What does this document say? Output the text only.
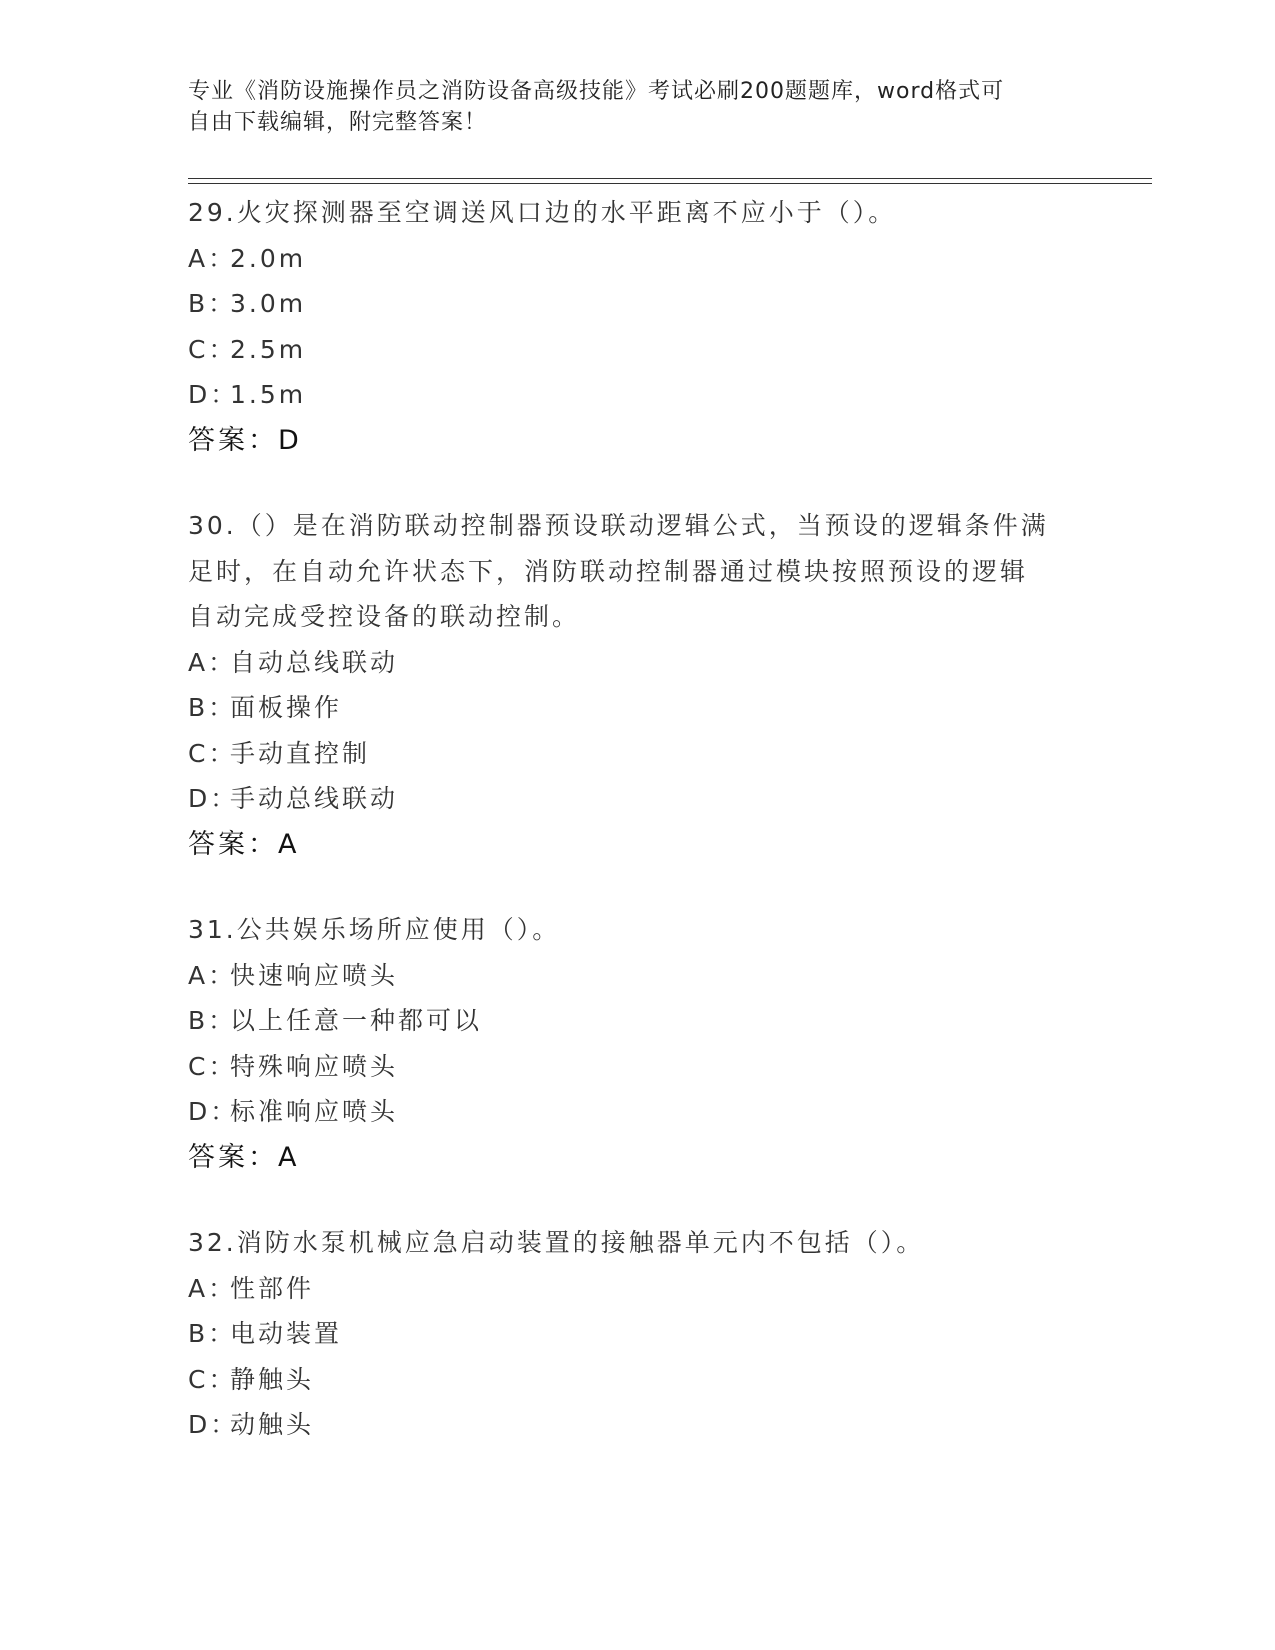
专业《消防设施操作员之消防设备高级技能》考试必刷200题题库，word格式可
自由下载编辑，附完整答案！
29.火灾探测器至空调送风口边的水平距离不应小于（）。
A：
2.0m
B：
3.0m
C：
2.5m
D：
1.5m
答案：D
30.（）是在消防联动控制器预设联动逻辑公式，当预设的逻辑条件满
足时，在自动允许状态下，消防联动控制器通过模块按照预设的逻辑
自动完成受控设备的联动控制。
A：
自动总线联动
B：
面板操作
C：
手动直控制
D：
手动总线联动
答案：A
31.公共娱乐场所应使用（）。
A：
快速响应喷头
B：
以上任意一种都可以
C：
特殊响应喷头
D：
标准响应喷头
答案：A
32.消防水泵机械应急启动装置的接触器单元内不包括（）。
A：
性部件
B：
电动装置
C：
静触头
D：
动触头
